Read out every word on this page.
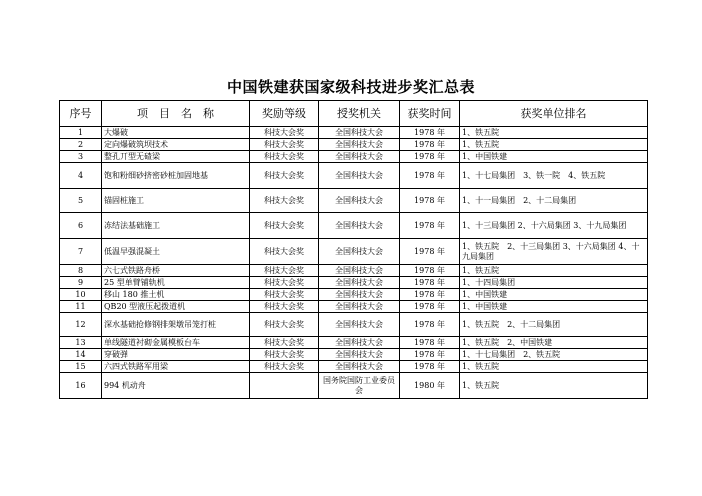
中国铁建获国家级科技进步奖汇总表
序号	项　目　名　称	奖励等级	授奖机关	获奖时间	获奖单位排名
1	大爆破	科技大会奖	全国科技大会	1978 年	1、铁五院
2	定向爆破筑坝技术	科技大会奖	全国科技大会	1978 年	1、铁五院
3	整孔丌型无碴梁	科技大会奖	全国科技大会	1978 年	1、中国铁建
4	饱和粉细砂挤密砂桩加固地基	科技大会奖	全国科技大会	1978 年	1、十七局集团　3、铁一院　4、铁五院
5	锚固桩施工	科技大会奖	全国科技大会	1978 年	1、十一局集团　2、十二局集团
6	冻结法基础施工	科技大会奖	全国科技大会	1978 年	1、十三局集团 2、十六局集团 3、十九局集团
7	低温早强混凝土	科技大会奖	全国科技大会	1978 年	1、铁五院　2、十三局集团 3、十六局集团 4、十九局集团
8	六七式铁路舟桥	科技大会奖	全国科技大会	1978 年	1、铁五院
9	25 型单臂铺轨机	科技大会奖	全国科技大会	1978 年	1、十四局集团
10	移山 180 推土机	科技大会奖	全国科技大会	1978 年	1、中国铁建
11	QB20 型液压起拨道机	科技大会奖	全国科技大会	1978 年	1、中国铁建
12	深水基础抢修钢排架墩吊笼打桩	科技大会奖	全国科技大会	1978 年	1、铁五院　2、十二局集团
13	单线隧道衬砌金属模板台车	科技大会奖	全国科技大会	1978 年	1、铁五院　2、中国铁建
14	穿破弹	科技大会奖	全国科技大会	1978 年	1、十七局集团　2、铁五院
15	六四式铁路军用梁	科技大会奖	全国科技大会	1978 年	1、铁五院
16	994 机动舟		国务院国防工业委员会	1980 年	1、铁五院
